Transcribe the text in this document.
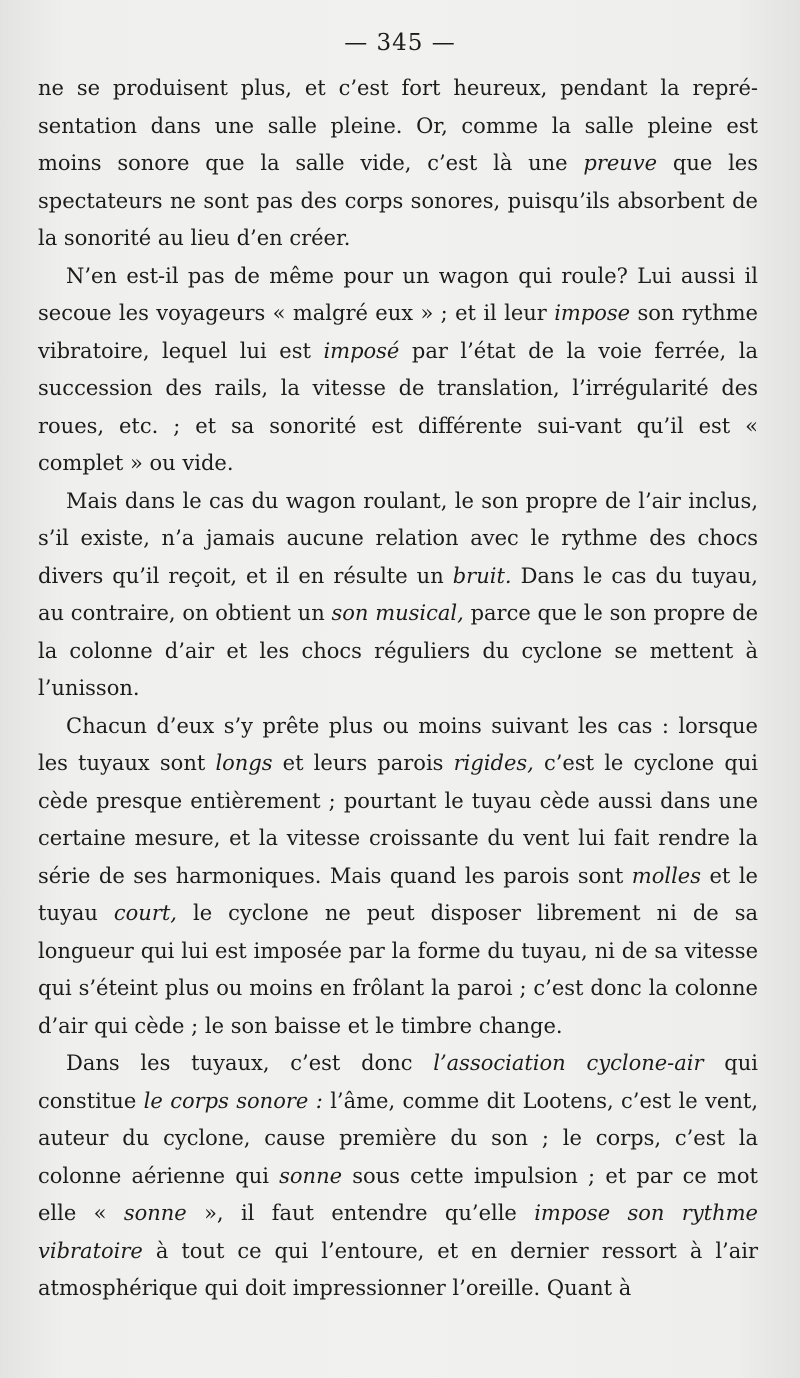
— 345 —

ne se produisent plus, et c’est fort heureux, pendant la repré-sentation dans une salle pleine. Or, comme la salle pleine est moins sonore que la salle vide, c’est là une preuve que les spectateurs ne sont pas des corps sonores, puisqu’ils absorbent de la sonorité au lieu d’en créer.

N’en est-il pas de même pour un wagon qui roule? Lui aussi il secoue les voyageurs « malgré eux » ; et il leur impose son rythme vibratoire, lequel lui est imposé par l’état de la voie ferrée, la succession des rails, la vitesse de translation, l’irrégularité des roues, etc. ; et sa sonorité est différente sui-vant qu’il est « complet » ou vide.

Mais dans le cas du wagon roulant, le son propre de l’air inclus, s’il existe, n’a jamais aucune relation avec le rythme des chocs divers qu’il reçoit, et il en résulte un bruit. Dans le cas du tuyau, au contraire, on obtient un son musical, parce que le son propre de la colonne d’air et les chocs réguliers du cyclone se mettent à l’unisson.

Chacun d’eux s’y prête plus ou moins suivant les cas : lorsque les tuyaux sont longs et leurs parois rigides, c’est le cyclone qui cède presque entièrement ; pourtant le tuyau cède aussi dans une certaine mesure, et la vitesse croissante du vent lui fait rendre la série de ses harmoniques. Mais quand les parois sont molles et le tuyau court, le cyclone ne peut disposer librement ni de sa longueur qui lui est imposée par la forme du tuyau, ni de sa vitesse qui s’éteint plus ou moins en frôlant la paroi ; c’est donc la colonne d’air qui cède ; le son baisse et le timbre change.

Dans les tuyaux, c’est donc l’association cyclone-air qui constitue le corps sonore : l’âme, comme dit Lootens, c’est le vent, auteur du cyclone, cause première du son ; le corps, c’est la colonne aérienne qui sonne sous cette impulsion ; et par ce mot elle « sonne », il faut entendre qu’elle impose son rythme vibratoire à tout ce qui l’entoure, et en dernier ressort à l’air atmosphérique qui doit impressionner l’oreille. Quant à
